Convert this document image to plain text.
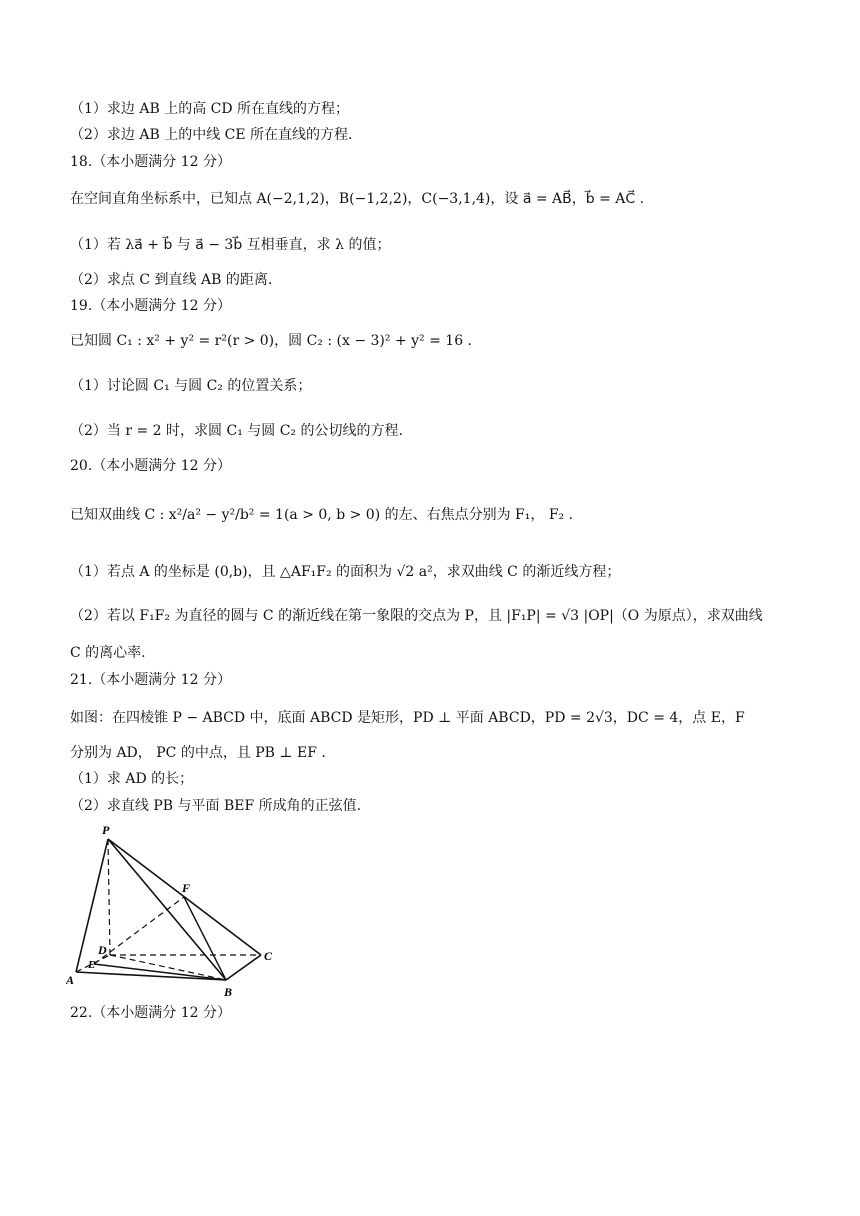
（1）求边 AB 上的高 CD 所在直线的方程；
（2）求边 AB 上的中线 CE 所在直线的方程.
18.（本小题满分 12 分）
在空间直角坐标系中，已知点 A(−2,1,2)，B(−1,2,2)，C(−3,1,4)，设 a⃗ = AB⃗，b⃗ = AC⃗ .
（1）若 λa⃗ + b⃗ 与 a⃗ − 3b⃗ 互相垂直，求 λ 的值；
（2）求点 C 到直线 AB 的距离.
19.（本小题满分 12 分）
已知圆 C₁ : x² + y² = r²(r > 0)，圆 C₂ : (x − 3)² + y² = 16 .
（1）讨论圆 C₁ 与圆 C₂ 的位置关系；
（2）当 r = 2 时，求圆 C₁ 与圆 C₂ 的公切线的方程.
20.（本小题满分 12 分）
已知双曲线 C : x²/a² − y²/b² = 1(a > 0, b > 0) 的左、右焦点分别为 F₁， F₂ .
（1）若点 A 的坐标是 (0,b)，且 △AF₁F₂ 的面积为 √2 a²，求双曲线 C 的渐近线方程；
（2）若以 F₁F₂ 为直径的圆与 C 的渐近线在第一象限的交点为 P，且 |F₁P| = √3 |OP|（O 为原点），求双曲线
C 的离心率.
21.（本小题满分 12 分）
如图：在四棱锥 P − ABCD 中，底面 ABCD 是矩形，PD ⊥ 平面 ABCD，PD = 2√3，DC = 4，点 E，F
分别为 AD， PC 的中点，且 PB ⊥ EF .
（1）求 AD 的长；
（2）求直线 PB 与平面 BEF 所成角的正弦值.
P
F
D
E
A
B
C
22.（本小题满分 12 分）
